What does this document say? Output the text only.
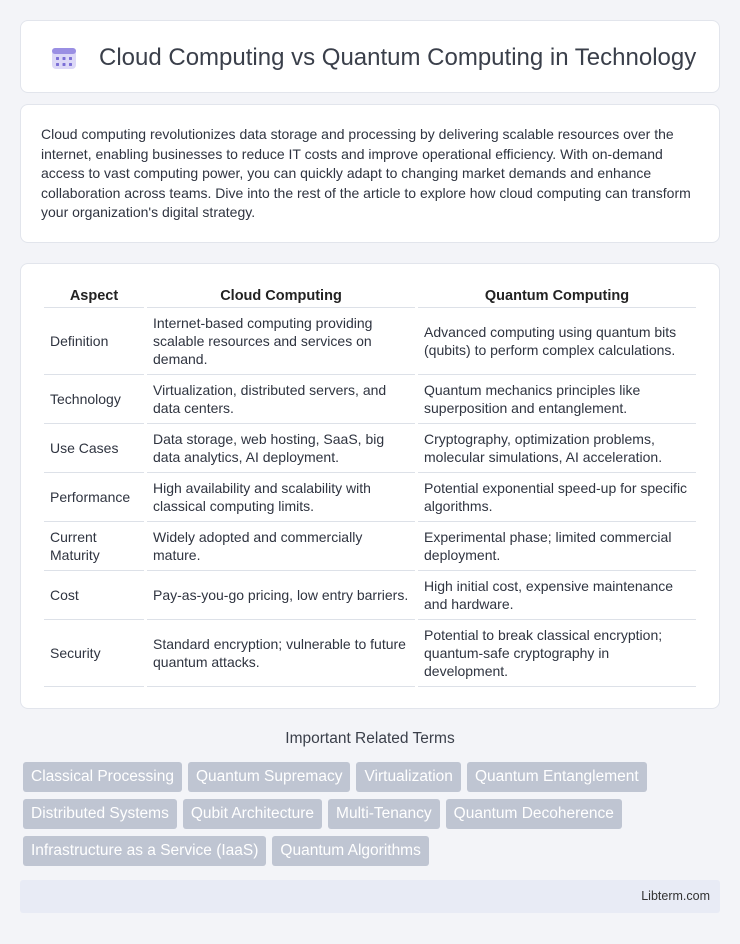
Cloud Computing vs Quantum Computing in Technology

Cloud computing revolutionizes data storage and processing by delivering scalable resources over the internet, enabling businesses to reduce IT costs and improve operational efficiency. With on-demand access to vast computing power, you can quickly adapt to changing market demands and enhance collaboration across teams. Dive into the rest of the article to explore how cloud computing can transform your organization's digital strategy.

Aspect	Cloud Computing	Quantum Computing
Definition	Internet-based computing providing scalable resources and services on demand.	Advanced computing using quantum bits (qubits) to perform complex calculations.
Technology	Virtualization, distributed servers, and data centers.	Quantum mechanics principles like superposition and entanglement.
Use Cases	Data storage, web hosting, SaaS, big data analytics, AI deployment.	Cryptography, optimization problems, molecular simulations, AI acceleration.
Performance	High availability and scalability with classical computing limits.	Potential exponential speed-up for specific algorithms.
Current Maturity	Widely adopted and commercially mature.	Experimental phase; limited commercial deployment.
Cost	Pay-as-you-go pricing, low entry barriers.	High initial cost, expensive maintenance and hardware.
Security	Standard encryption; vulnerable to future quantum attacks.	Potential to break classical encryption; quantum-safe cryptography in development.
Important Related Terms
Classical Processing	Quantum Supremacy	Virtualization	Quantum Entanglement
Distributed Systems	Qubit Architecture	Multi-Tenancy	Quantum Decoherence
Infrastructure as a Service (IaaS)	Quantum Algorithms
Libterm.com
